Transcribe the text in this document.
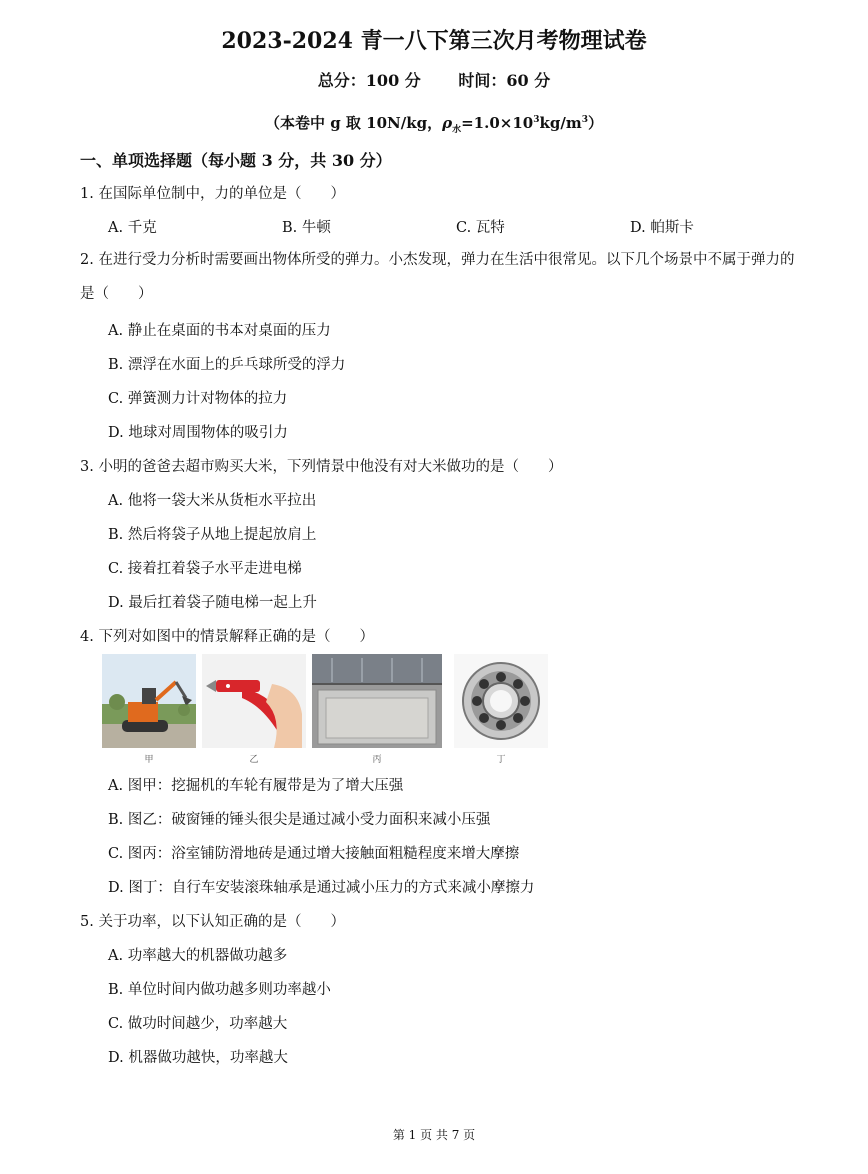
2023-2024 青一八下第三次月考物理试卷
总分：100 分 时间：60 分
（本卷中 g 取 10N/kg，$\rho_水=1.0\times 10^3kg/m^3$）
一、单项选择题（每小题 3 分，共 30 分）
1. 在国际单位制中，力的单位是（　　）
A. 千克	B. 牛顿	C. 瓦特	D. 帕斯卡
2. 在进行受力分析时需要画出物体所受的弹力。小杰发现，弹力在生活中很常见。以下几个场景中不属于弹力的是（　　）
A. 静止在桌面的书本对桌面的压力
B. 漂浮在水面上的乒乓球所受的浮力
C. 弹簧测力计对物体的拉力
D. 地球对周围物体的吸引力
3. 小明的爸爸去超市购买大米，下列情景中他没有对大米做功的是（　　）
A. 他将一袋大米从货柜水平拉出
B. 然后将袋子从地上提起放肩上
C. 接着扛着袋子水平走进电梯
D. 最后扛着袋子随电梯一起上升
4. 下列对如图中的情景解释正确的是（　　）
甲	乙	丙	丁
A. 图甲：挖掘机的车轮有履带是为了增大压强
B. 图乙：破窗锤的锤头很尖是通过减小受力面积来减小压强
C. 图丙：浴室铺防滑地砖是通过增大接触面粗糙程度来增大摩擦
D. 图丁：自行车安装滚珠轴承是通过减小压力的方式来减小摩擦力
5. 关于功率，以下认知正确的是（　　）
A. 功率越大的机器做功越多
B. 单位时间内做功越多则功率越小
C. 做功时间越少，功率越大
D. 机器做功越快，功率越大
第 1 页 共 7 页
